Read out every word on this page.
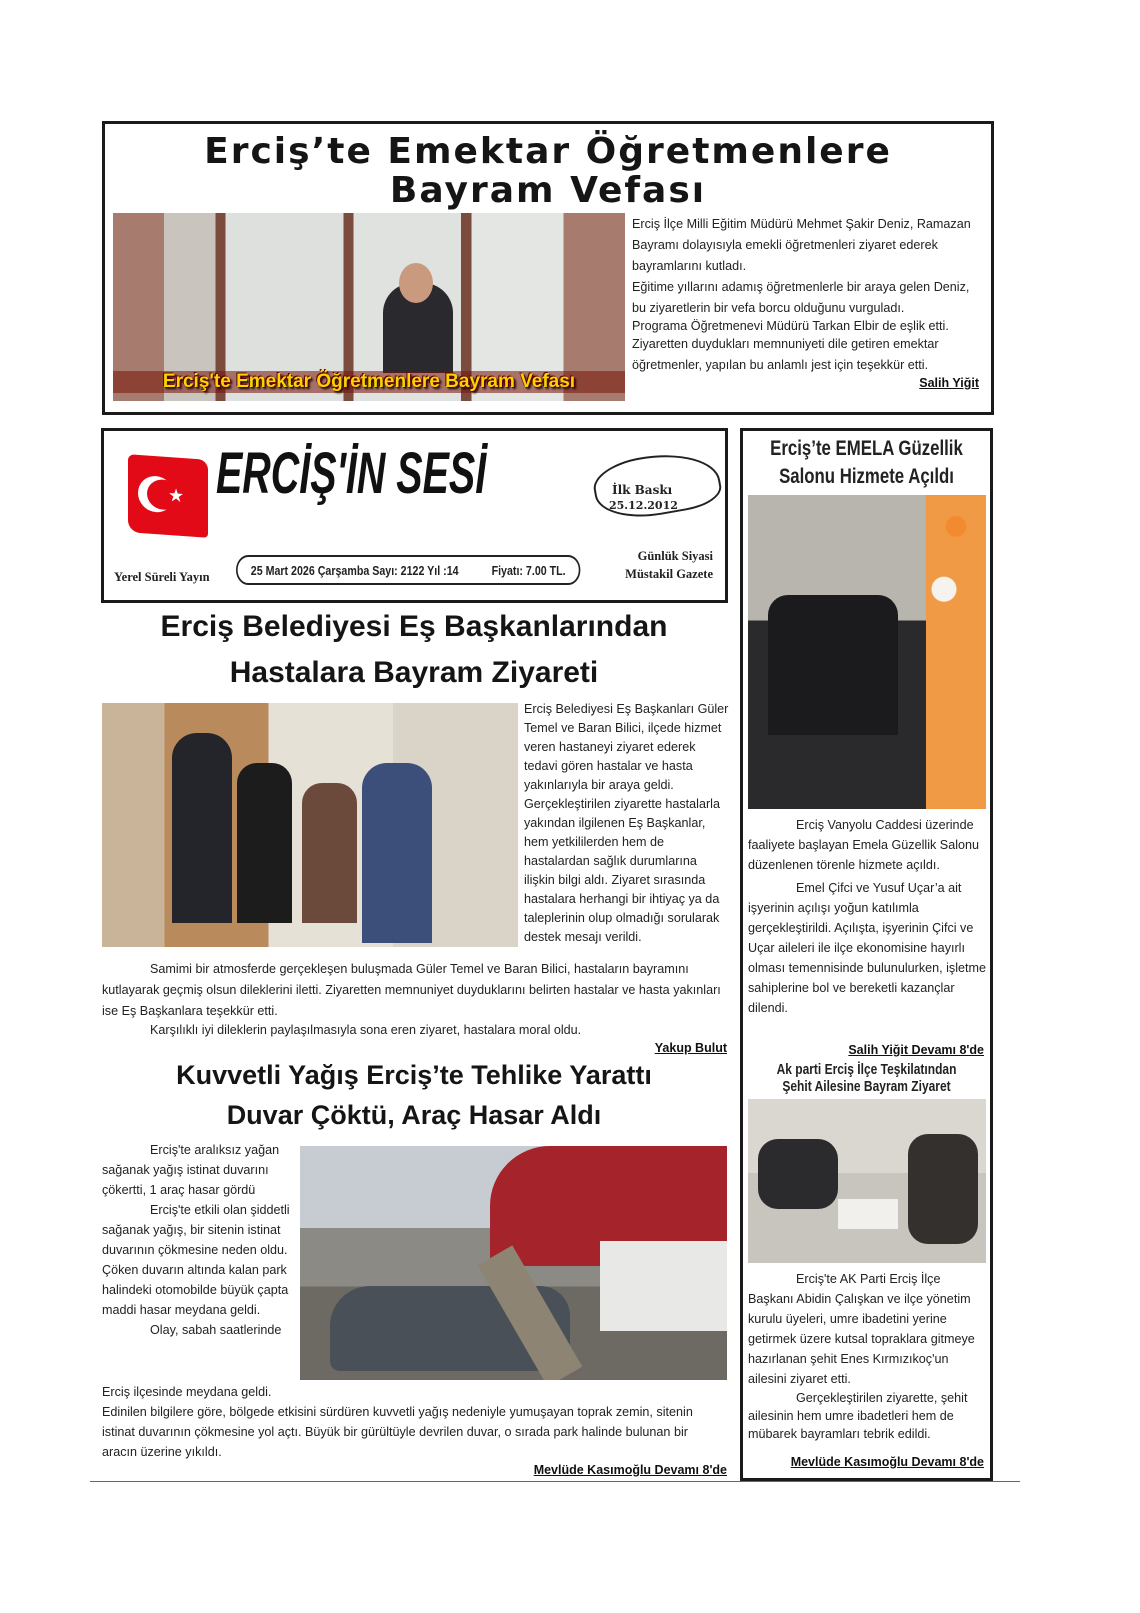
Erciş’te Emektar Öğretmenlere
Bayram Vefası
Erciş'te Emektar Öğretmenlere Bayram Vefası

Erciş İlçe Milli Eğitim Müdürü Mehmet Şakir Deniz, Ramazan Bayramı dolayısıyla emekli öğretmenleri ziyaret ederek bayramlarını kutladı.

Eğitime yıllarını adamış öğretmenlerle bir araya gelen Deniz, bu ziyaretlerin bir vefa borcu olduğunu vurguladı.

Programa Öğretmenevi Müdürü Tarkan Elbir de eşlik etti.

Ziyaretten duydukları memnuniyeti dile getiren emektar öğretmenler, yapılan bu anlamlı jest için teşekkür etti.

Salih Yiğit
★ ERCİŞ'İN SESİ	İlk Baskı
25.12.2012
Yerel Süreli Yayın	25 Mart 2026 Çarşamba Sayı: 2122 Yıl :14	Fiyatı: 7.00 TL.
Günlük Siyasi
Müstakil Gazete
Erciş Belediyesi Eş Başkanlarından
Hastalara Bayram Ziyareti

Erciş Belediyesi Eş Başkanları Güler Temel ve Baran Bilici, ilçede hizmet veren hastaneyi ziyaret ederek tedavi gören hastalar ve hasta yakınlarıyla bir araya geldi.

Gerçekleştirilen ziyarette hastalarla yakından ilgilenen Eş Başkanlar, hem yetkililerden hem de hastalardan sağlık durumlarına ilişkin bilgi aldı. Ziyaret sırasında hastalara herhangi bir ihtiyaç ya da taleplerinin olup olmadığı sorularak destek mesajı verildi.

Samimi bir atmosferde gerçekleşen buluşmada Güler Temel ve Baran Bilici, hastaların bayramını kutlayarak geçmiş olsun dileklerini iletti. Ziyaretten memnuniyet duyduklarını belirten hastalar ve hasta yakınları ise Eş Başkanlara teşekkür etti.

Karşılıklı iyi dileklerin paylaşılmasıyla sona eren ziyaret, hastalara moral oldu.

Yakup Bulut
Kuvvetli Yağış Erciş’te Tehlike Yarattı
Duvar Çöktü, Araç Hasar Aldı

Erciş'te aralıksız yağan sağanak yağış istinat duvarını çökertti, 1 araç hasar gördü

Erciş'te etkili olan şiddetli sağanak yağış, bir sitenin istinat duvarının çökmesine neden oldu. Çöken duvarın altında kalan park halindeki otomobilde büyük çapta maddi hasar meydana geldi.

Olay, sabah saatlerinde

Erciş ilçesinde meydana geldi.

Edinilen bilgilere göre, bölgede etkisini sürdüren kuvvetli yağış nedeniyle yumuşayan toprak zemin, sitenin istinat duvarının çökmesine yol açtı. Büyük bir gürültüyle devrilen duvar, o sırada park halinde bulunan bir aracın üzerine yıkıldı.

Mevlüde Kasımoğlu Devamı 8'de
Erciş’te EMELA Güzellik
Salonu Hizmete Açıldı

Erciş Vanyolu Caddesi üzerinde faaliyete başlayan Emela Güzellik Salonu düzenlenen törenle hizmete açıldı.

Emel Çifci ve Yusuf Uçar’a ait işyerinin açılışı yoğun katılımla gerçekleştirildi. Açılışta, işyerinin Çifci ve Uçar aileleri ile ilçe ekonomisine hayırlı olması temennisinde bulunulurken, işletme sahiplerine bol ve bereketli kazançlar dilendi.

Salih Yiğit Devamı 8'de
Ak parti Erciş İlçe Teşkilatından
Şehit Ailesine Bayram Ziyaret

Erciş'te AK Parti Erciş İlçe Başkanı Abidin Çalışkan ve ilçe yönetim kurulu üyeleri, umre ibadetini yerine getirmek üzere kutsal topraklara gitmeye hazırlanan şehit Enes Kırmızıkoç'un ailesini ziyaret etti.

Gerçekleştirilen ziyarette, şehit ailesinin hem umre ibadetleri hem de mübarek bayramları tebrik edildi.

Mevlüde Kasımoğlu Devamı 8'de
